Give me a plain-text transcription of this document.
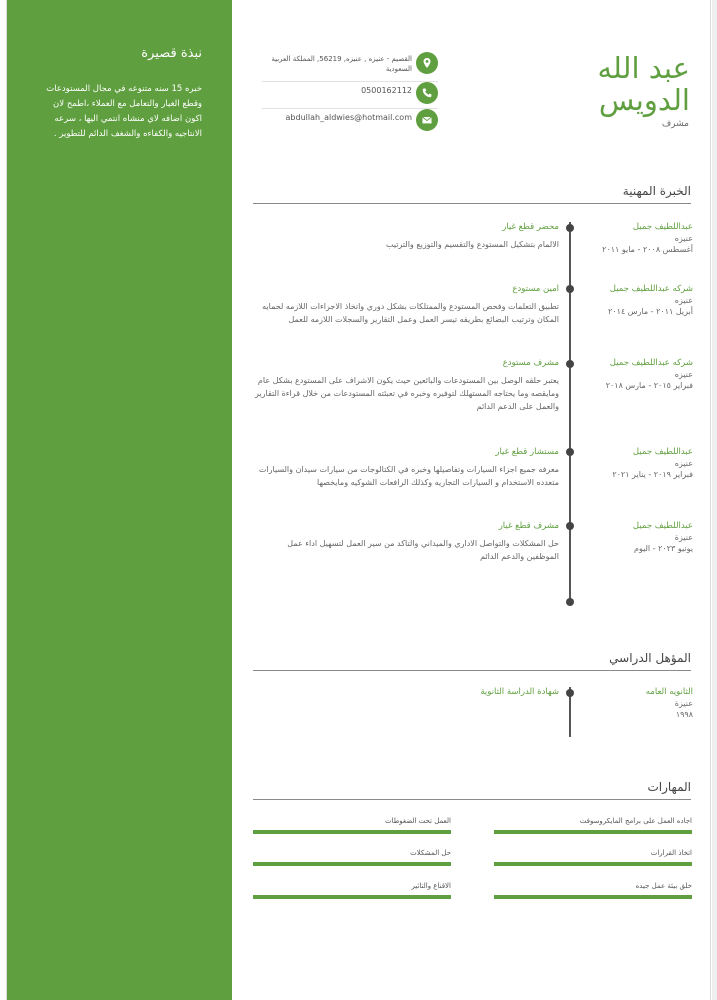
نبذة قصيرة

خبره 15 سنه متنوعه في مجال المستودعات وقطع الغيار والتعامل مع العملاء ،اطمح لان اكون اضافه لاي منشاه انتمي اليها ، سرعه الانتاجيه والكفاءه والشغف الدائم للتطوير .

عبد الله
الدويس
مشرف
القصيم - عنيزه , عنيزه, 56219, المملكة العربية السعودية
0500162112
abdullah_aldwies@hotmail.com
الخبرة المهنية
عبداللطيف جميل
عنيزه
أغسطس ٢٠٠٨ - مايو ٢٠١١
محضر قطع غيار
الالمام بتشكيل المستودع والتقسيم والتوزيع والترتيب
شركه عبداللطيف جميل
عنيزه
أبريل ٢٠١١ - مارس ٢٠١٤
امين مستودع
تطبيق التعلمات وفحص المستودع والممتلكات بشكل دوري واتخاذ الاجراءات اللازمه لحمايه المكان وترتيب البضائع بطريقه تيسر العمل وعمل التقارير والسجلات اللازمه للعمل
شركه عبداللطيف جميل
عنيزه
فبراير ٢٠١٥ - مارس ٢٠١٨
مشرف مستودع
يعتبر حلقه الوصل بين المستودعات والبائعين حيث يكون الاشراف على المستودع بشكل عام ومايقصه وما يحتاجه المستهلك لتوفيره وخبره في تعبئته المستودعات من خلال قراءة التقارير والعمل على الدعم الدائم
عبداللطيف جميل
عنيزه
فبراير ٢٠١٩ - يناير ٢٠٢١
مستشار قطع غيار
معرفه جميع اجزاء السيارات وتفاصيلها وخبره في الكتالوجات من سيارات سيدان والسيارات متعدده الاستخدام و السيارات التجاريه وكذلك الرافعات الشوكيه ومايخصها
عبداللطيف جميل
عنيزة
يونيو ٢٠٢٣ - اليوم
مشرف قطع غيار
حل المشكلات والتواصل الاداري والميداني والتاكد من سير العمل لتسهيل اداء عمل الموظفين والدعم الدائم
المؤهل الدراسي
الثانويه العامه
عنيزة
١٩٩٨
شهادة الدراسة الثانوية
المهارات
اجاده العمل على برامج المايكروسوفت
العمل تحت الضغوطات
اتخاذ القرارات
حل المشكلات
خلق بيئة عمل جيده
الاقناع والتاثير
